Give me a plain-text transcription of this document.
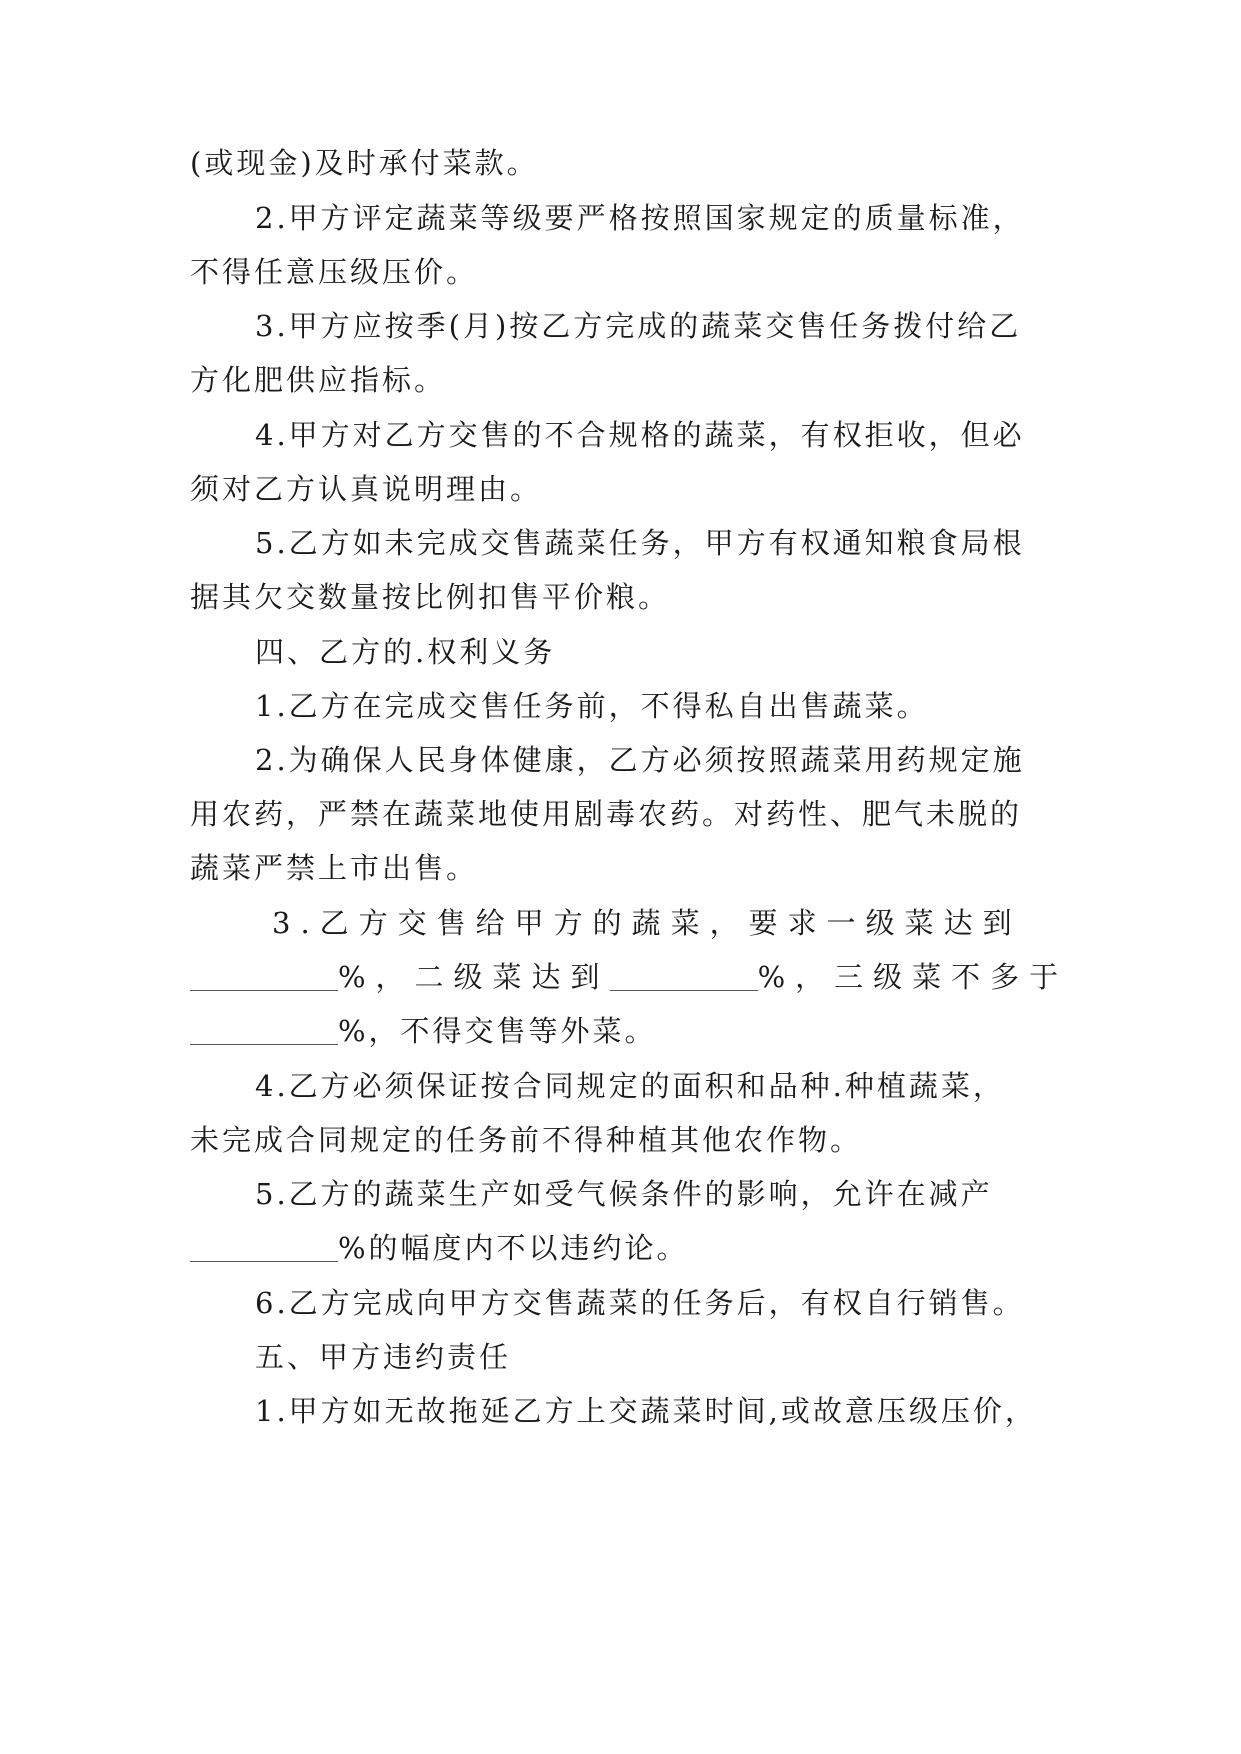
(或现金)及时承付菜款。
2.甲方评定蔬菜等级要严格按照国家规定的质量标准，
不得任意压级压价。
3.甲方应按季(月)按乙方完成的蔬菜交售任务拨付给乙
方化肥供应指标。
4.甲方对乙方交售的不合规格的蔬菜，有权拒收，但必
须对乙方认真说明理由。
5.乙方如未完成交售蔬菜任务，甲方有权通知粮食局根
据其欠交数量按比例扣售平价粮。
四、乙方的.权利义务
1.乙方在完成交售任务前，不得私自出售蔬菜。
2.为确保人民身体健康，乙方必须按照蔬菜用药规定施
用农药，严禁在蔬菜地使用剧毒农药。对药性、肥气未脱的
蔬菜严禁上市出售。
3.乙方交售给甲方的蔬菜，要求一级菜达到
%，二级菜达到	%，三级菜不多于
%，不得交售等外菜。
4.乙方必须保证按合同规定的面积和品种.种植蔬菜，
未完成合同规定的任务前不得种植其他农作物。
5.乙方的蔬菜生产如受气候条件的影响，允许在减产
%的幅度内不以违约论。
6.乙方完成向甲方交售蔬菜的任务后，有权自行销售。
五、甲方违约责任
1.甲方如无故拖延乙方上交蔬菜时间,或故意压级压价，
